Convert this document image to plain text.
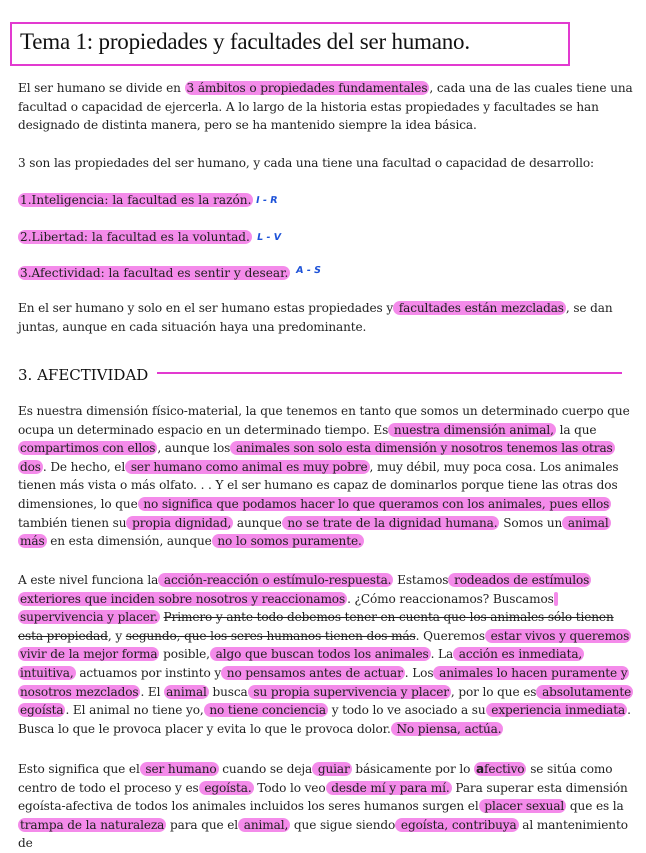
Tema 1: propiedades y facultades del ser humano.
El ser humano se divide en 3 ámbitos o propiedades fundamentales , cada una de las cuales tiene una facultad o capacidad de ejercerla. A lo largo de la historia estas propiedades y facultades se han designado de distinta manera, pero se ha mantenido siempre la idea básica.
3 son las propiedades del ser humano, y cada una tiene una facultad o capacidad de desarrollo:
1.Inteligencia: la facultad es la razón. I - R
2.Libertad: la facultad es la voluntad. L - V
3.Afectividad: la facultad es sentir y desear. A - S
En el ser humano y solo en el ser humano estas propiedades y facultades están mezcladas , se dan juntas, aunque en cada situación haya una predominante.
3. AFECTIVIDAD
Es nuestra dimensión físico-material, la que tenemos en tanto que somos un determinado cuerpo que ocupa un determinado espacio en un determinado tiempo. Es nuestra dimensión animal, la que compartimos con ellos , aunque los animales son solo esta dimensión y nosotros tenemos las otras dos . De hecho, el ser humano como animal es muy pobre , muy débil, muy poca cosa. Los animales tienen más vista o más olfato. . . Y el ser humano es capaz de dominarlos porque tiene las otras dos dimensiones, lo que no significa que podamos hacer lo que queramos con los animales, pues ellos también tienen su propia dignidad, aunque no se trate de la dignidad humana. Somos un animal más en esta dimensión, aunque no lo somos puramente.
A este nivel funciona la acción-reacción o estímulo-respuesta. Estamos rodeados de estímulos exteriores que inciden sobre nosotros y reaccionamos . ¿Cómo reaccionamos? Buscamos supervivencia y placer. Primero y ante todo debemos tener en cuenta que los animales sólo tienen esta propiedad, y segundo, que los seres humanos tienen dos más. Queremos estar vivos y queremos vivir de la mejor forma posible, algo que buscan todos los animales . La acción es inmediata, intuitiva, actuamos por instinto y no pensamos antes de actuar . Los animales lo hacen puramente y nosotros mezclados . El animal busca su propia supervivencia y placer , por lo que es absolutamente egoísta . El animal no tiene yo, no tiene conciencia y todo lo ve asociado a su experiencia inmediata . Busca lo que le provoca placer y evita lo que le provoca dolor. No piensa, actúa.
Esto significa que el ser humano cuando se deja guiar básicamente por lo afectivo se sitúa como centro de todo el proceso y es egoísta. Todo lo veo desde mí y para mí. Para superar esta dimensión egoísta-afectiva de todos los animales incluidos los seres humanos surgen el placer sexual que es la trampa de la naturaleza para que el animal, que sigue siendo egoísta, contribuya al mantenimiento de
